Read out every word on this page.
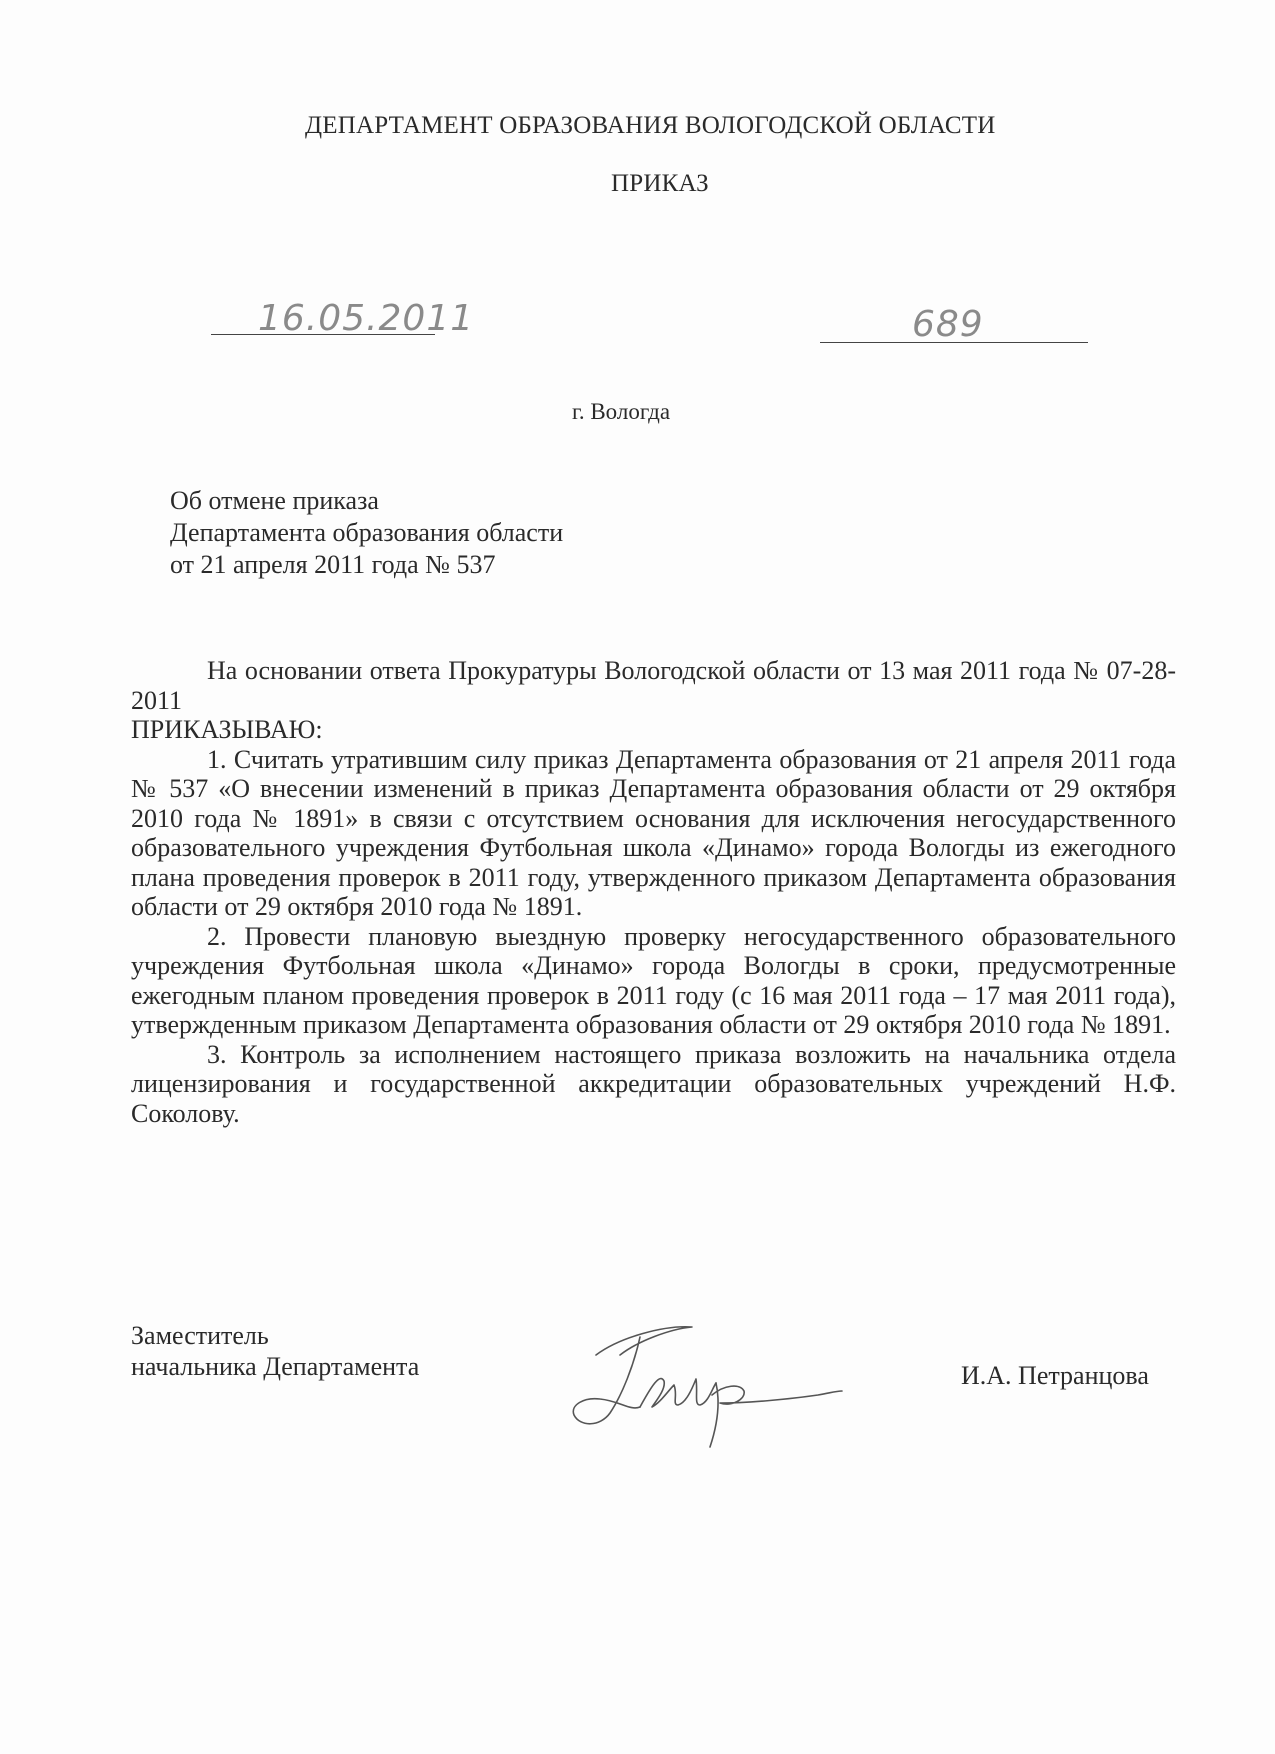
ДЕПАРТАМЕНТ ОБРАЗОВАНИЯ ВОЛОГОДСКОЙ ОБЛАСТИ
ПРИКАЗ
16.05.2011	689
г. Вологда
Об отмене приказа
Департамента образования области
от 21 апреля 2011 года № 537

На основании ответа Прокуратуры Вологодской области от 13 мая 2011 года № 07-28-2011

ПРИКАЗЫВАЮ:

1. Считать утратившим силу приказ Департамента образования от 21 апреля 2011 года № 537 «О внесении изменений в приказ Департамента образования области от 29 октября 2010 года № 1891» в связи с отсутствием основания для исключения негосударственного образовательного учреждения Футбольная школа «Динамо» города Вологды из ежегодного плана проведения проверок в 2011 году, утвержденного приказом Департамента образования области от 29 октября 2010 года № 1891.

2. Провести плановую выездную проверку негосударственного образовательного учреждения Футбольная школа «Динамо» города Вологды в сроки, предусмотренные ежегодным планом проведения проверок в 2011 году (с 16 мая 2011 года – 17 мая 2011 года), утвержденным приказом Департамента образования области от 29 октября 2010 года № 1891.

3. Контроль за исполнением настоящего приказа возложить на начальника отдела лицензирования и государственной аккредитации образовательных учреждений Н.Ф. Соколову.

Заместитель
начальника Департамента	И.А. Петранцова
